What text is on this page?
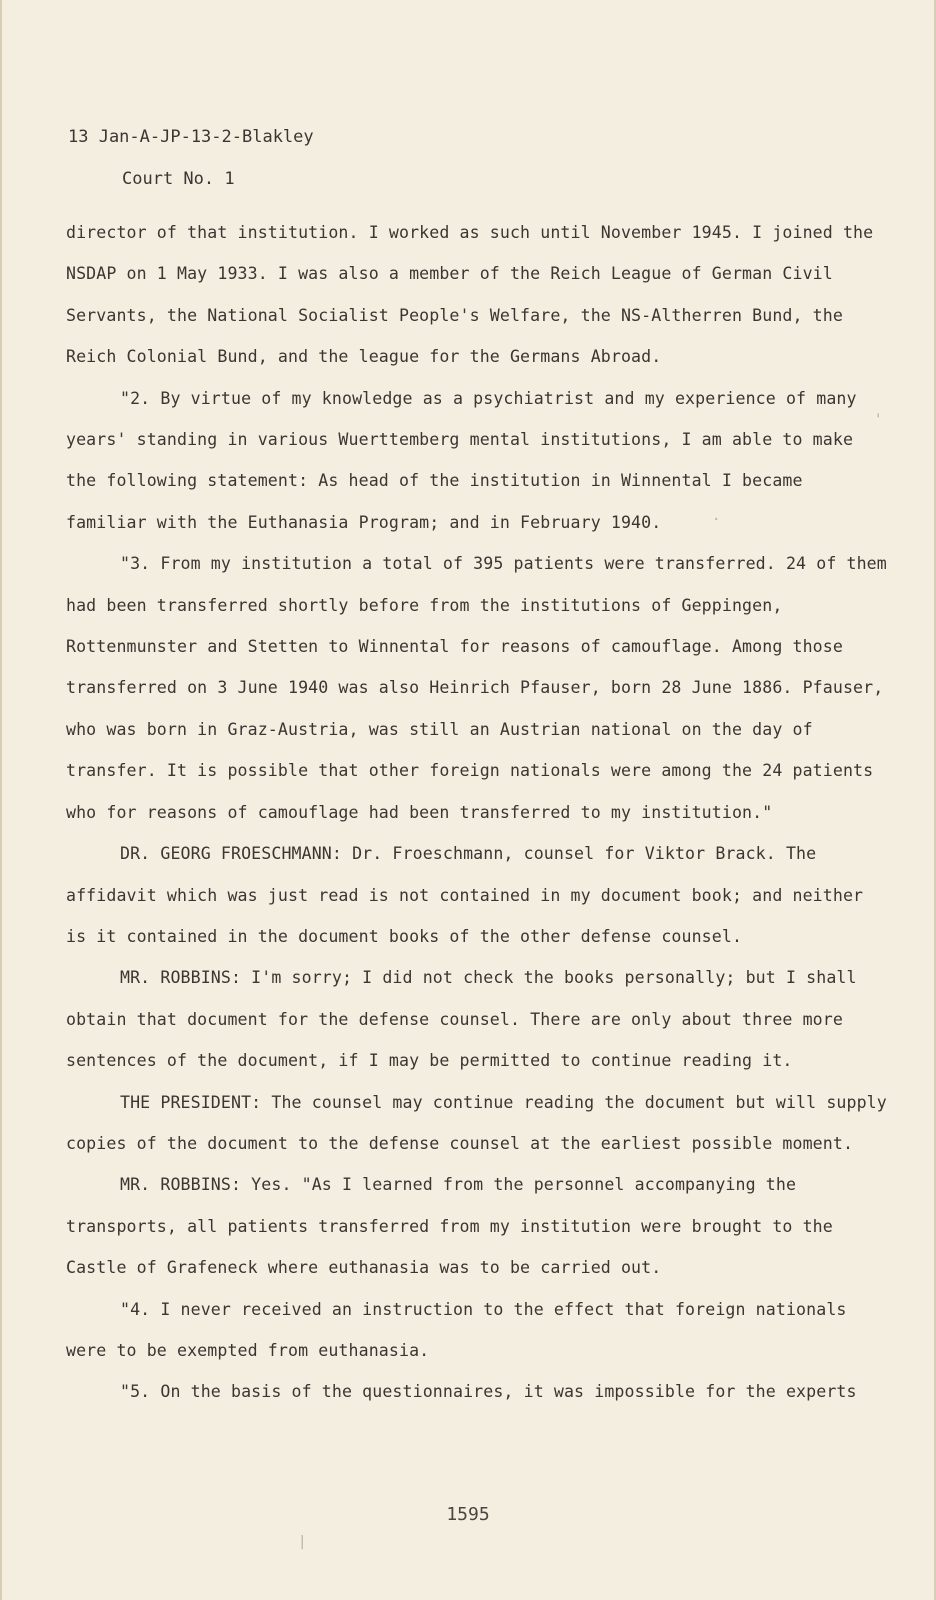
13 Jan-A-JP-13-2-Blakley
Court No. 1

director of that institution. I worked as such until November 1945. I joined the NSDAP on 1 May 1933. I was also a member of the Reich League of German Civil Servants, the National Socialist People's Welfare, the NS-Altherren Bund, the Reich Colonial Bund, and the league for the Germans Abroad.

"2. By virtue of my knowledge as a psychiatrist and my experience of many years' standing in various Wuerttemberg mental institutions, I am able to make the following statement: As head of the institution in Winnental I became familiar with the Euthanasia Program; and in February 1940.

"3. From my institution a total of 395 patients were transferred. 24 of them had been transferred shortly before from the institutions of Geppingen, Rottenmunster and Stetten to Winnental for reasons of camouflage. Among those transferred on 3 June 1940 was also Heinrich Pfauser, born 28 June 1886. Pfauser, who was born in Graz-Austria, was still an Austrian national on the day of transfer. It is possible that other foreign nationals were among the 24 patients who for reasons of camouflage had been transferred to my institution."

DR. GEORG FROESCHMANN: Dr. Froeschmann, counsel for Viktor Brack. The affidavit which was just read is not contained in my document book; and neither is it contained in the document books of the other defense counsel.

MR. ROBBINS: I'm sorry; I did not check the books personally; but I shall obtain that document for the defense counsel. There are only about three more sentences of the document, if I may be permitted to continue reading it.

THE PRESIDENT: The counsel may continue reading the document but will supply copies of the document to the defense counsel at the earliest possible moment.

MR. ROBBINS: Yes. "As I learned from the personnel accompanying the transports, all patients transferred from my institution were brought to the Castle of Grafeneck where euthanasia was to be carried out.

"4. I never received an instruction to the effect that foreign nationals were to be exempted from euthanasia.

"5. On the basis of the questionnaires, it was impossible for the experts

1595
'
·
|
